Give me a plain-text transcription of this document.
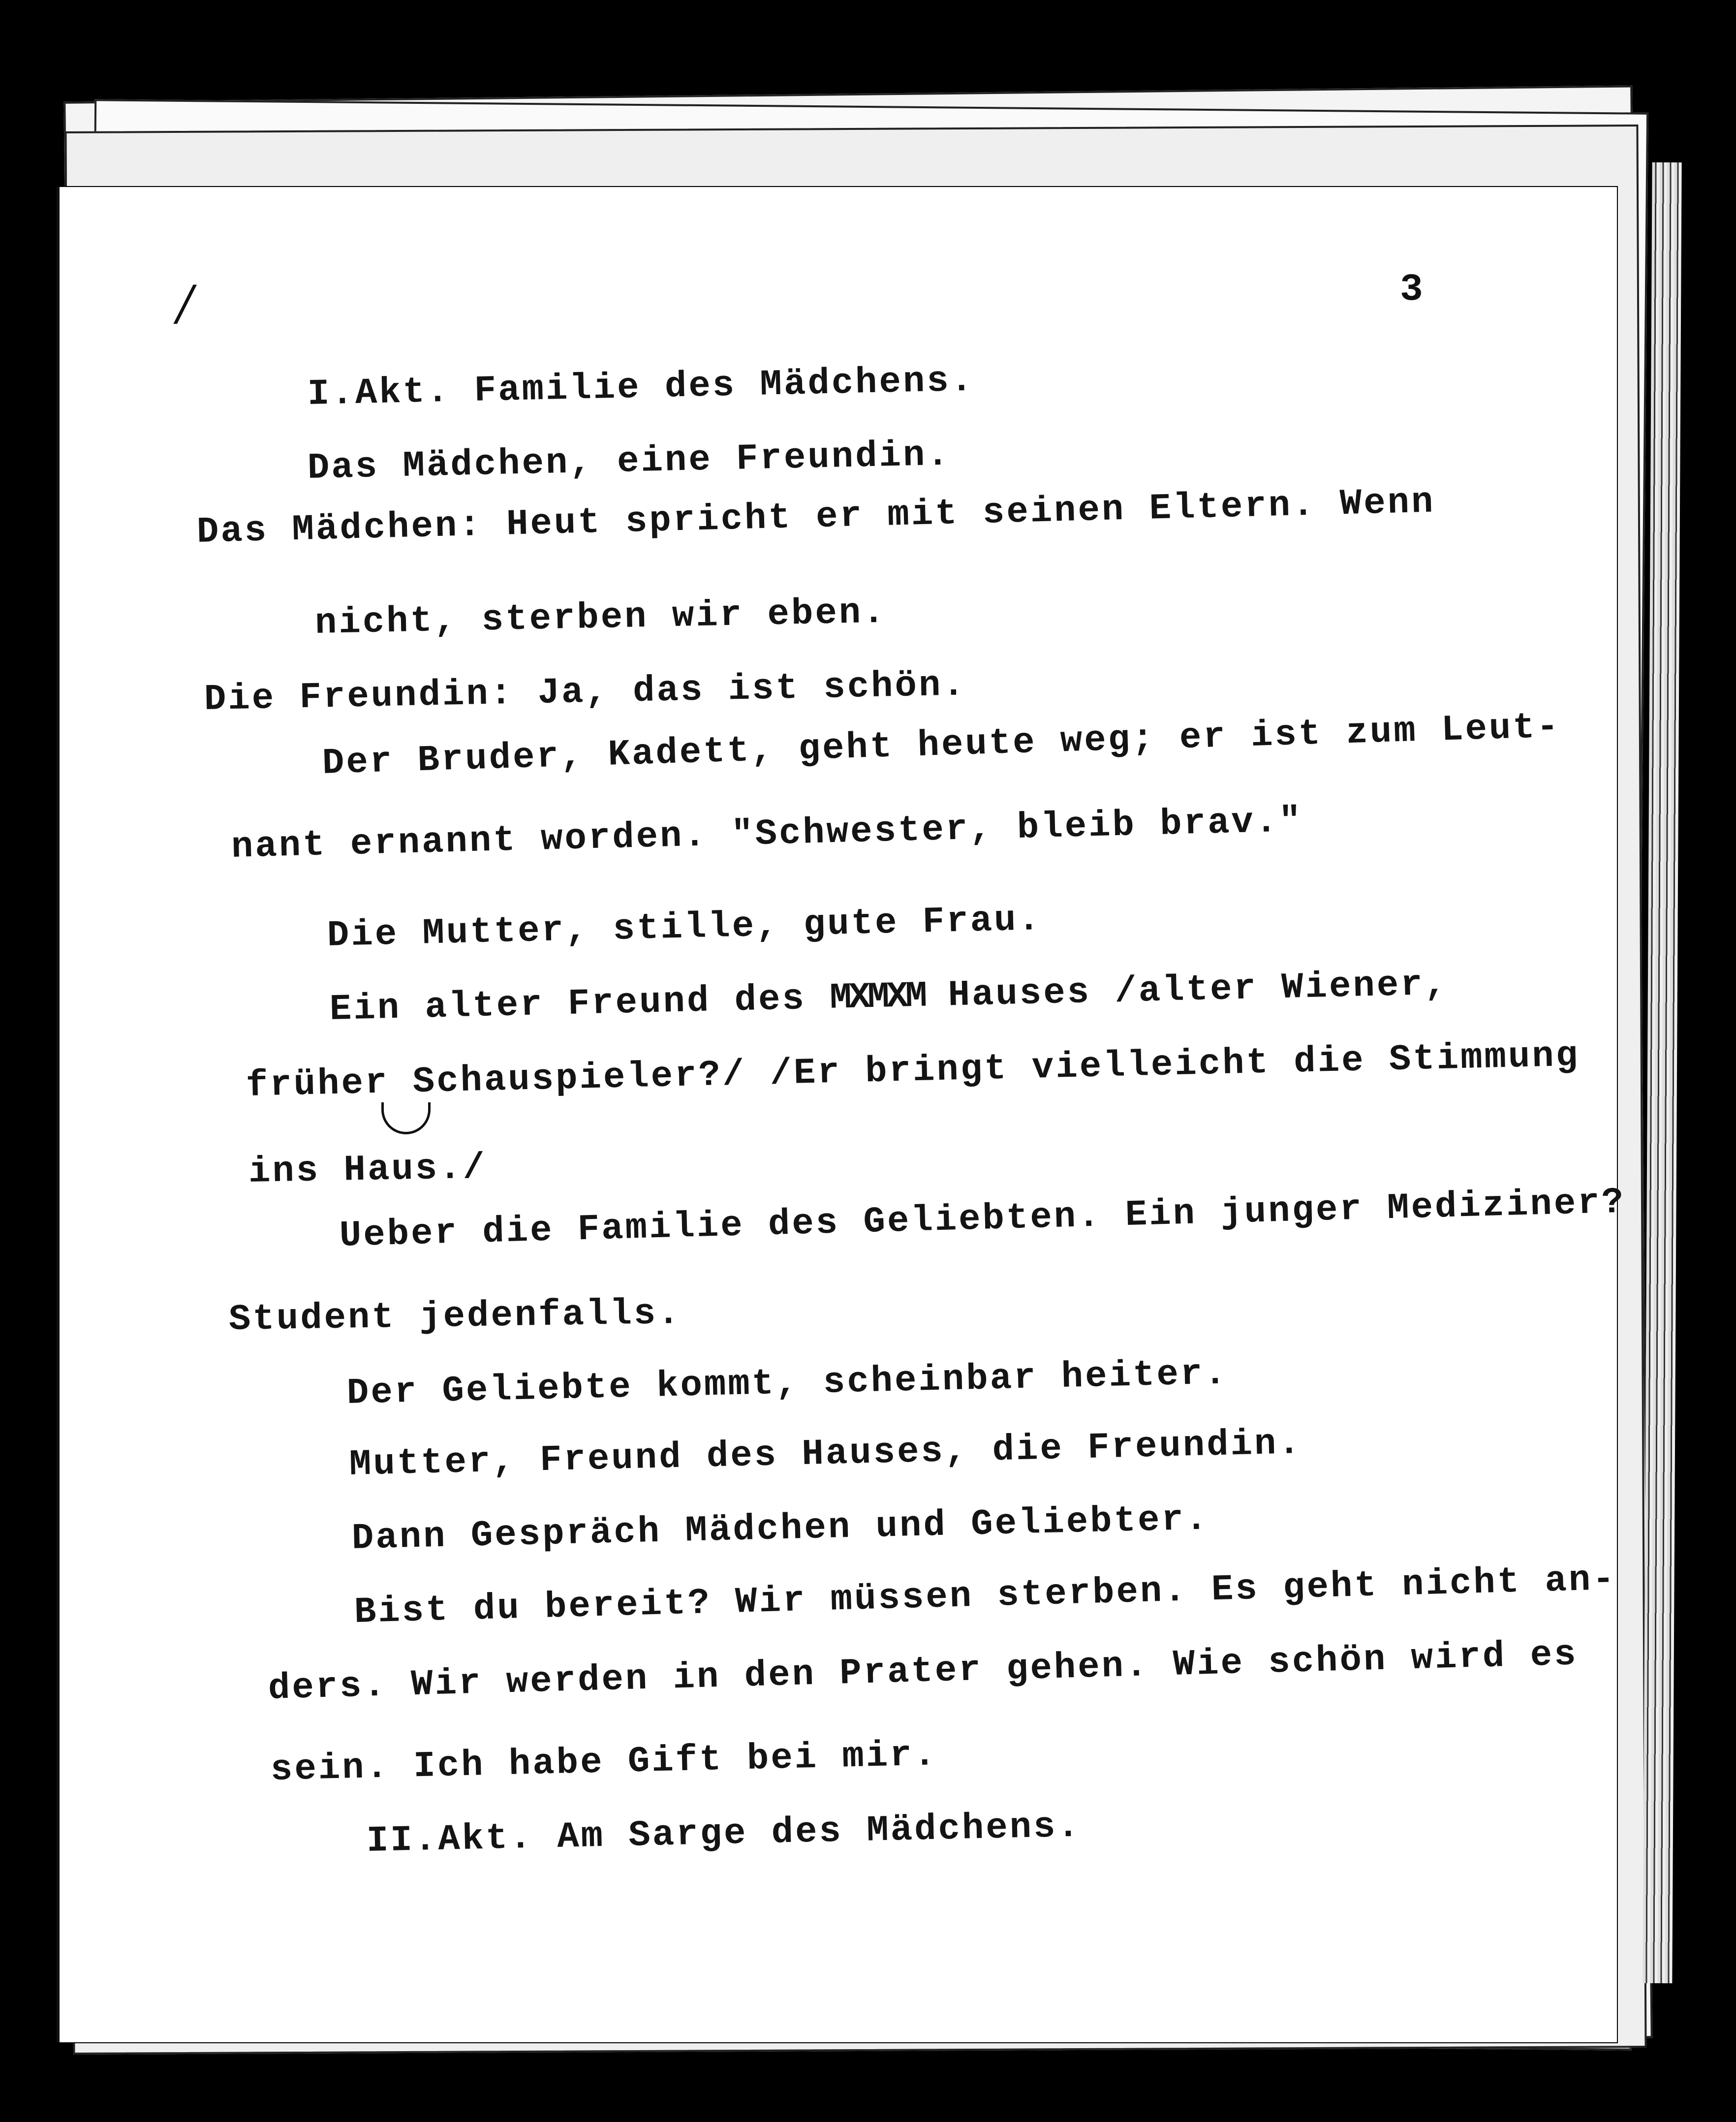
/	3
I.Akt. Familie des Mädchens.
Das Mädchen, eine Freundin.
Das Mädchen: Heut spricht er mit seinen Eltern. Wenn
nicht, sterben wir eben.
Die Freundin: Ja, das ist schön.
Der Bruder, Kadett, geht heute weg; er ist zum Leut-
nant ernannt worden. "Schwester, bleib brav."
Die Mutter, stille, gute Frau.
Ein alter Freund des MXMXM Hauses /alter Wiener,
früher Schauspieler?/ /Er bringt vielleicht die Stimmung
ins Haus./
Ueber die Familie des Geliebten. Ein junger Mediziner?
Student jedenfalls.
Der Geliebte kommt, scheinbar heiter.
Mutter, Freund des Hauses, die Freundin.
Dann Gespräch Mädchen und Geliebter.
Bist du bereit? Wir müssen sterben. Es geht nicht an-
ders. Wir werden in den Prater gehen. Wie schön wird es
sein. Ich habe Gift bei mir.
II.Akt. Am Sarge des Mädchens.
